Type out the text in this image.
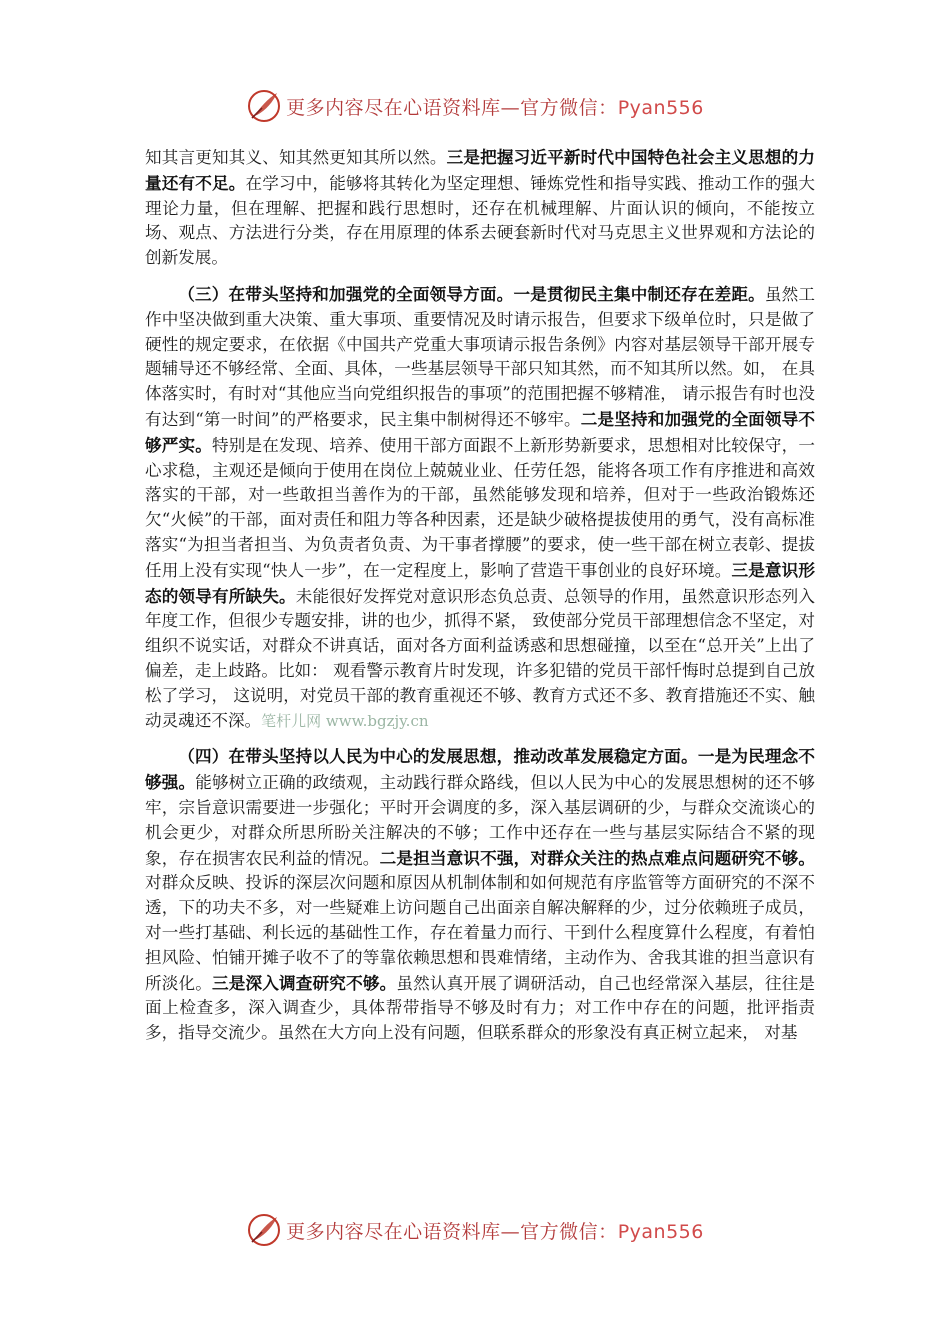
更多内容尽在心语资料库—官方微信：Pyan556

知其言更知其义、知其然更知其所以然。三是把握习近平新时代中国特色社会主义思想的力量还有不足。在学习中，能够将其转化为坚定理想、锤炼党性和指导实践、推动工作的强大理论力量，但在理解、把握和践行思想时，还存在机械理解、片面认识的倾向，不能按立场、观点、方法进行分类，存在用原理的体系去硬套新时代对马克思主义世界观和方法论的创新发展。

（三）在带头坚持和加强党的全面领导方面。一是贯彻民主集中制还存在差距。虽然工作中坚决做到重大决策、重大事项、重要情况及时请示报告，但要求下级单位时，只是做了硬性的规定要求，在依据《中国共产党重大事项请示报告条例》内容对基层领导干部开展专题辅导还不够经常、全面、具体，一些基层领导干部只知其然，而不知其所以然。如， 在具体落实时，有时对“其他应当向党组织报告的事项”的范围把握不够精准， 请示报告有时也没有达到“第一时间”的严格要求，民主集中制树得还不够牢。二是坚持和加强党的全面领导不够严实。特别是在发现、培养、使用干部方面跟不上新形势新要求，思想相对比较保守，一心求稳，主观还是倾向于使用在岗位上兢兢业业、任劳任怨，能将各项工作有序推进和高效落实的干部，对一些敢担当善作为的干部，虽然能够发现和培养，但对于一些政治锻炼还欠“火候”的干部，面对责任和阻力等各种因素，还是缺少破格提拔使用的勇气，没有高标准落实“为担当者担当、为负责者负责、为干事者撑腰”的要求，使一些干部在树立表彰、提拔任用上没有实现“快人一步”，在一定程度上，影响了营造干事创业的良好环境。三是意识形态的领导有所缺失。未能很好发挥党对意识形态负总责、总领导的作用，虽然意识形态列入年度工作，但很少专题安排，讲的也少，抓得不紧， 致使部分党员干部理想信念不坚定，对组织不说实话，对群众不讲真话，面对各方面利益诱惑和思想碰撞，以至在“总开关”上出了偏差，走上歧路。比如： 观看警示教育片时发现，许多犯错的党员干部忏悔时总提到自己放松了学习， 这说明，对党员干部的教育重视还不够、教育方式还不多、教育措施还不实、触动灵魂还不深。笔杆儿网 www.bgzjy.cn

（四）在带头坚持以人民为中心的发展思想，推动改革发展稳定方面。一是为民理念不够强。能够树立正确的政绩观，主动践行群众路线，但以人民为中心的发展思想树的还不够牢，宗旨意识需要进一步强化；平时开会调度的多，深入基层调研的少，与群众交流谈心的机会更少，对群众所思所盼关注解决的不够；工作中还存在一些与基层实际结合不紧的现象，存在损害农民利益的情况。二是担当意识不强，对群众关注的热点难点问题研究不够。对群众反映、投诉的深层次问题和原因从机制体制和如何规范有序监管等方面研究的不深不透，下的功夫不多，对一些疑难上访问题自己出面亲自解决解释的少，过分依赖班子成员，对一些打基础、利长远的基础性工作，存在着量力而行、干到什么程度算什么程度，有着怕担风险、怕铺开摊子收不了的等靠依赖思想和畏难情绪，主动作为、舍我其谁的担当意识有所淡化。三是深入调查研究不够。虽然认真开展了调研活动，自己也经常深入基层，往往是面上检查多，深入调查少，具体帮带指导不够及时有力；对工作中存在的问题，批评指责多，指导交流少。虽然在大方向上没有问题，但联系群众的形象没有真正树立起来， 对基

更多内容尽在心语资料库—官方微信：Pyan556
